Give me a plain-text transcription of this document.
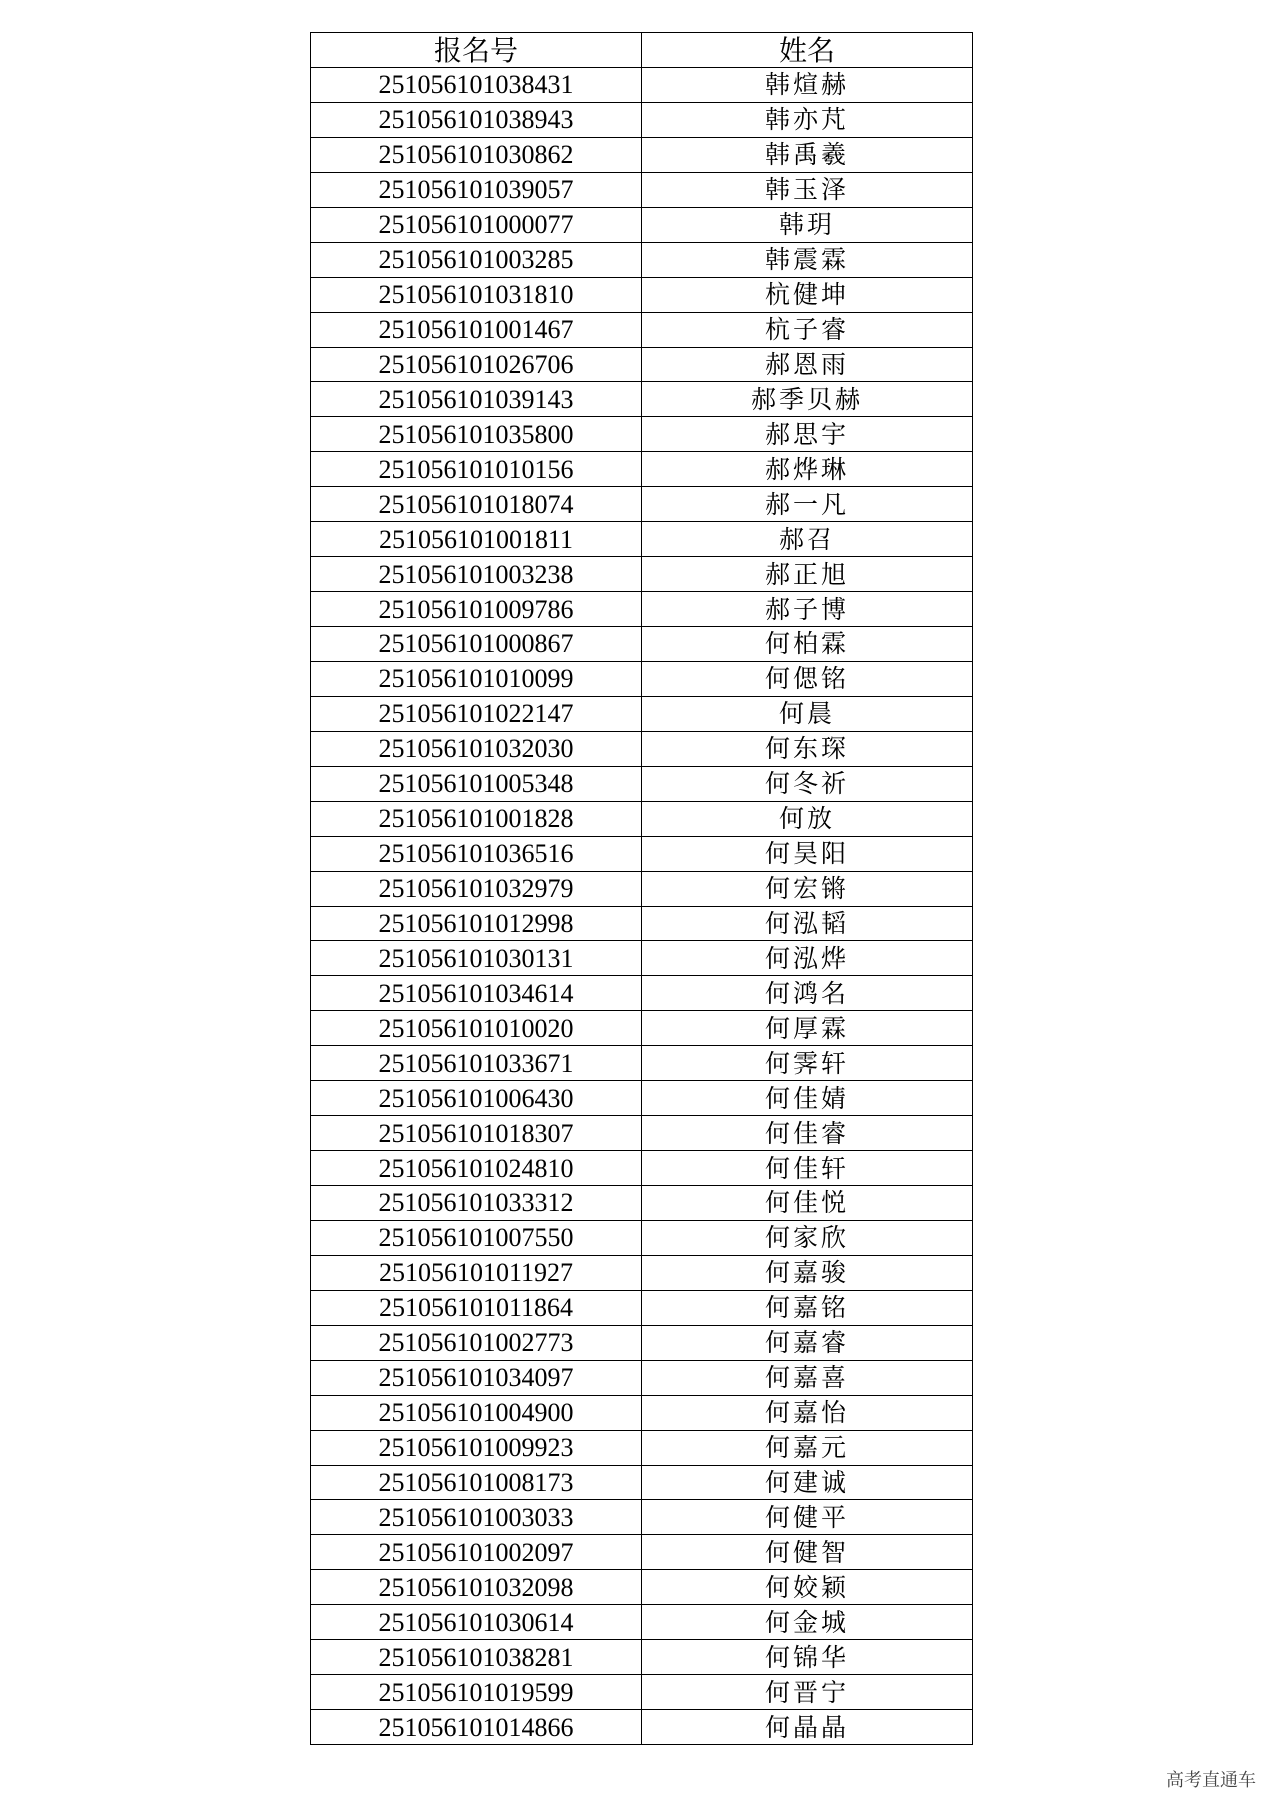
报名号	姓名
251056101038431	韩煊赫
251056101038943	韩亦芃
251056101030862	韩禹羲
251056101039057	韩玉泽
251056101000077	韩玥
251056101003285	韩震霖
251056101031810	杭健坤
251056101001467	杭子睿
251056101026706	郝恩雨
251056101039143	郝季贝赫
251056101035800	郝思宇
251056101010156	郝烨琳
251056101018074	郝一凡
251056101001811	郝召
251056101003238	郝正旭
251056101009786	郝子博
251056101000867	何柏霖
251056101010099	何偲铭
251056101022147	何晨
251056101032030	何东琛
251056101005348	何冬祈
251056101001828	何放
251056101036516	何昊阳
251056101032979	何宏锵
251056101012998	何泓韬
251056101030131	何泓烨
251056101034614	何鸿名
251056101010020	何厚霖
251056101033671	何霁轩
251056101006430	何佳婧
251056101018307	何佳睿
251056101024810	何佳轩
251056101033312	何佳悦
251056101007550	何家欣
251056101011927	何嘉骏
251056101011864	何嘉铭
251056101002773	何嘉睿
251056101034097	何嘉喜
251056101004900	何嘉怡
251056101009923	何嘉元
251056101008173	何建诚
251056101003033	何健平
251056101002097	何健智
251056101032098	何姣颖
251056101030614	何金城
251056101038281	何锦华
251056101019599	何晋宁
251056101014866	何晶晶
高考直通车
